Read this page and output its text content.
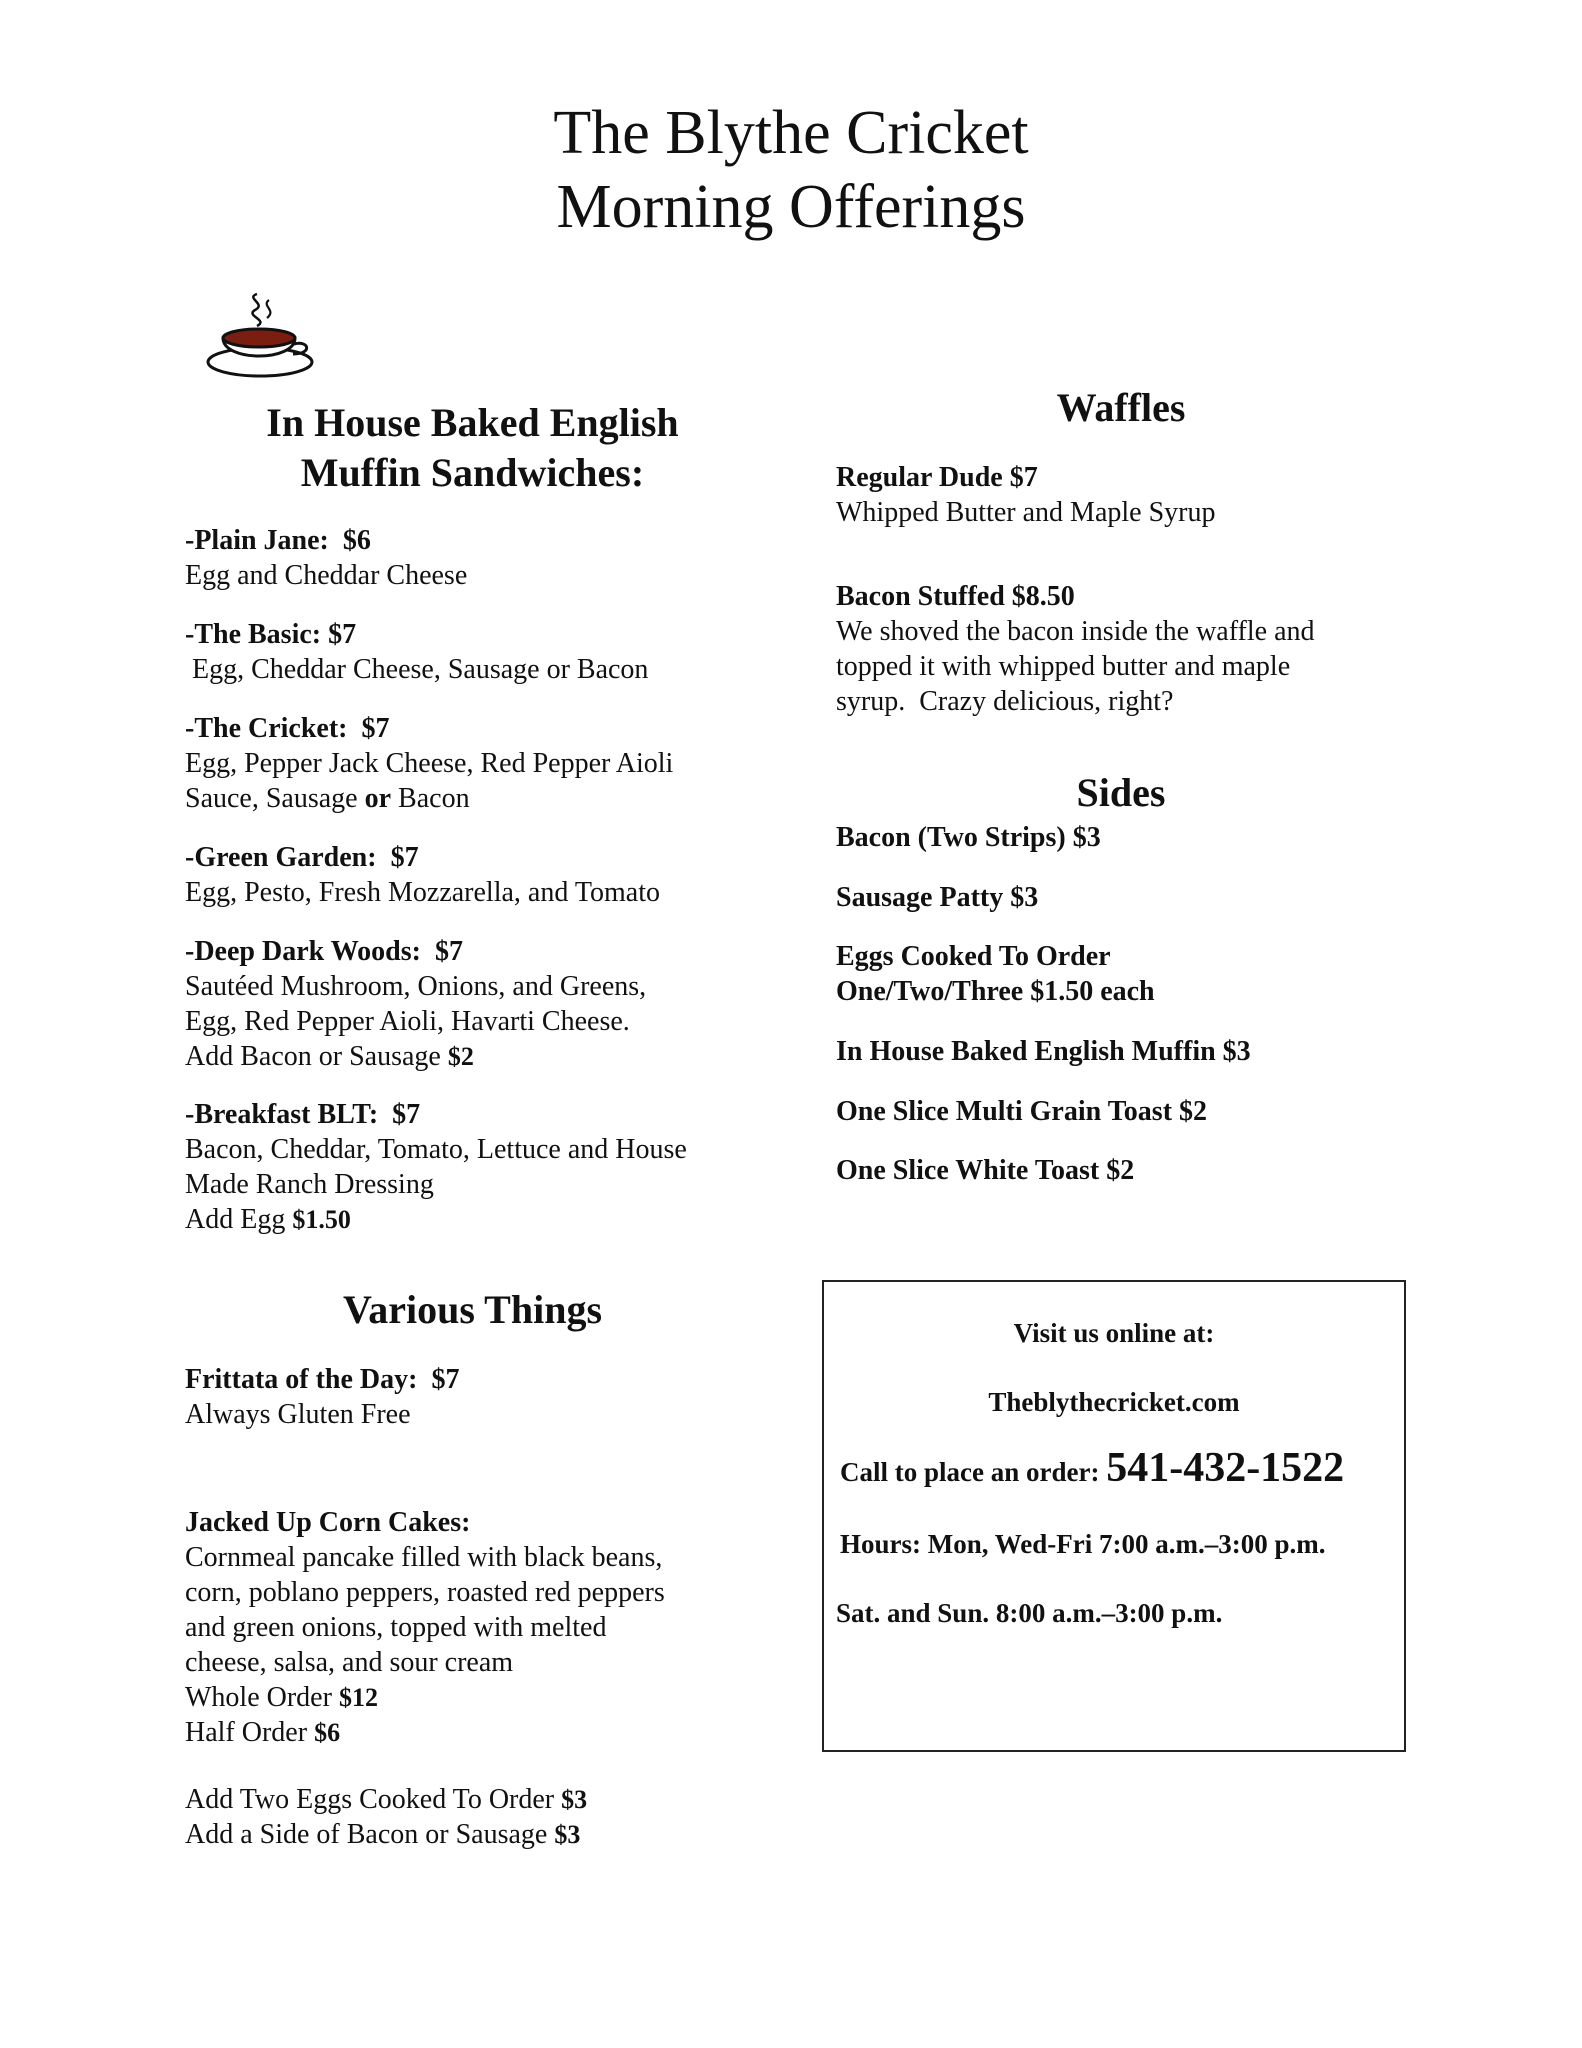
The Blythe Cricket
Morning Offerings
In House Baked English
Muffin Sandwiches:
-Plain Jane: $6
Egg and Cheddar Cheese
-The Basic: $7
Egg, Cheddar Cheese, Sausage or Bacon
-The Cricket: $7
Egg, Pepper Jack Cheese, Red Pepper Aioli
Sauce, Sausage or Bacon
-Green Garden: $7
Egg, Pesto, Fresh Mozzarella, and Tomato
-Deep Dark Woods: $7
Sautéed Mushroom, Onions, and Greens,
Egg, Red Pepper Aioli, Havarti Cheese.
Add Bacon or Sausage $2
-Breakfast BLT: $7
Bacon, Cheddar, Tomato, Lettuce and House
Made Ranch Dressing
Add Egg $1.50
Various Things
Frittata of the Day: $7
Always Gluten Free
Jacked Up Corn Cakes:
Cornmeal pancake filled with black beans,
corn, poblano peppers, roasted red peppers
and green onions, topped with melted
cheese, salsa, and sour cream
Whole Order $12
Half Order $6
Add Two Eggs Cooked To Order $3
Add a Side of Bacon or Sausage $3
Waffles
Regular Dude $7
Whipped Butter and Maple Syrup
Bacon Stuffed $8.50
We shoved the bacon inside the waffle and
topped it with whipped butter and maple
syrup.  Crazy delicious, right?
Sides
Bacon (Two Strips) $3
Sausage Patty $3
Eggs Cooked To Order
One/Two/Three $1.50 each
In House Baked English Muffin $3
One Slice Multi Grain Toast $2
One Slice White Toast $2
Visit us online at:
Theblythecricket.com
Call to place an order: 541-432-1522
Hours: Mon, Wed-Fri 7:00 a.m.–3:00 p.m.
Sat. and Sun. 8:00 a.m.–3:00 p.m.
